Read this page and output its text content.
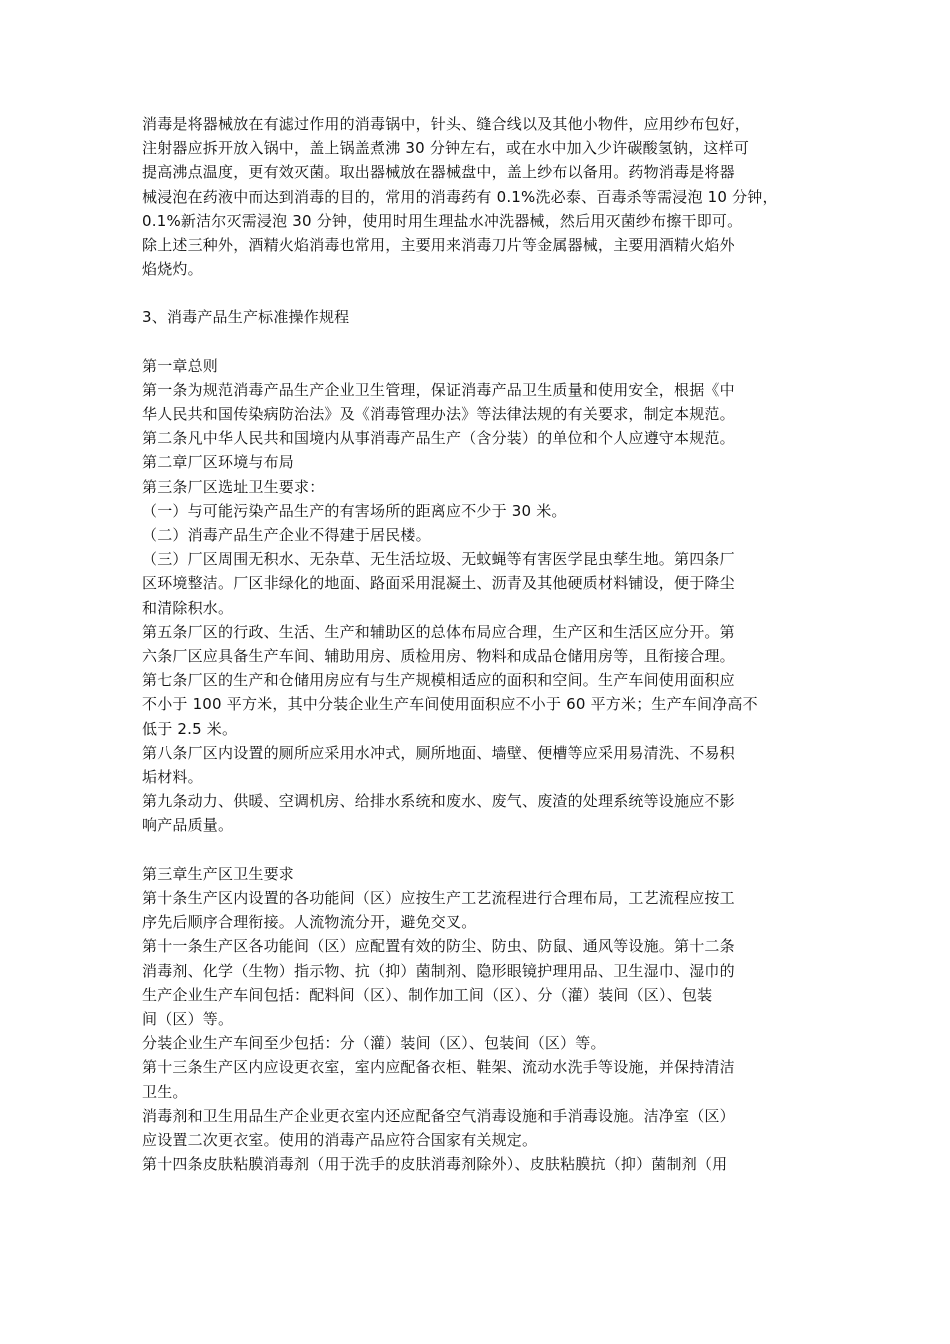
消毒是将器械放在有滤过作用的消毒锅中，针头、缝合线以及其他小物件，应用纱布包好，

注射器应拆开放入锅中，盖上锅盖煮沸 30 分钟左右，或在水中加入少许碳酸氢钠，这样可

提高沸点温度，更有效灭菌。取出器械放在器械盘中，盖上纱布以备用。药物消毒是将器

械浸泡在药液中而达到消毒的目的，常用的消毒药有 0.1%洗必泰、百毒杀等需浸泡 10 分钟，

0.1%新洁尔灭需浸泡 30 分钟，使用时用生理盐水冲洗器械，然后用灭菌纱布擦干即可。

除上述三种外，酒精火焰消毒也常用，主要用来消毒刀片等金属器械，主要用酒精火焰外

焰烧灼。

3、消毒产品生产标准操作规程

第一章总则

第一条为规范消毒产品生产企业卫生管理，保证消毒产品卫生质量和使用安全，根据《中

华人民共和国传染病防治法》及《消毒管理办法》等法律法规的有关要求，制定本规范。

第二条凡中华人民共和国境内从事消毒产品生产（含分装）的单位和个人应遵守本规范。

第二章厂区环境与布局

第三条厂区选址卫生要求：

（一）与可能污染产品生产的有害场所的距离应不少于 30 米。

（二）消毒产品生产企业不得建于居民楼。

（三）厂区周围无积水、无杂草、无生活垃圾、无蚊蝇等有害医学昆虫孳生地。第四条厂

区环境整洁。厂区非绿化的地面、路面采用混凝土、沥青及其他硬质材料铺设，便于降尘

和清除积水。

第五条厂区的行政、生活、生产和辅助区的总体布局应合理，生产区和生活区应分开。第

六条厂区应具备生产车间、辅助用房、质检用房、物料和成品仓储用房等，且衔接合理。

第七条厂区的生产和仓储用房应有与生产规模相适应的面积和空间。生产车间使用面积应

不小于 100 平方米，其中分装企业生产车间使用面积应不小于 60 平方米；生产车间净高不

低于 2.5 米。

第八条厂区内设置的厕所应采用水冲式，厕所地面、墙壁、便槽等应采用易清洗、不易积

垢材料。

第九条动力、供暖、空调机房、给排水系统和废水、废气、废渣的处理系统等设施应不影

响产品质量。

第三章生产区卫生要求

第十条生产区内设置的各功能间（区）应按生产工艺流程进行合理布局，工艺流程应按工

序先后顺序合理衔接。人流物流分开，避免交叉。

第十一条生产区各功能间（区）应配置有效的防尘、防虫、防鼠、通风等设施。第十二条

消毒剂、化学（生物）指示物、抗（抑）菌制剂、隐形眼镜护理用品、卫生湿巾、湿巾的

生产企业生产车间包括：配料间（区）、制作加工间（区）、分（灌）装间（区）、包装

间（区）等。

分装企业生产车间至少包括：分（灌）装间（区）、包装间（区）等。

第十三条生产区内应设更衣室，室内应配备衣柜、鞋架、流动水洗手等设施，并保持清洁

卫生。

消毒剂和卫生用品生产企业更衣室内还应配备空气消毒设施和手消毒设施。洁净室（区）

应设置二次更衣室。使用的消毒产品应符合国家有关规定。

第十四条皮肤粘膜消毒剂（用于洗手的皮肤消毒剂除外）、皮肤粘膜抗（抑）菌制剂（用
